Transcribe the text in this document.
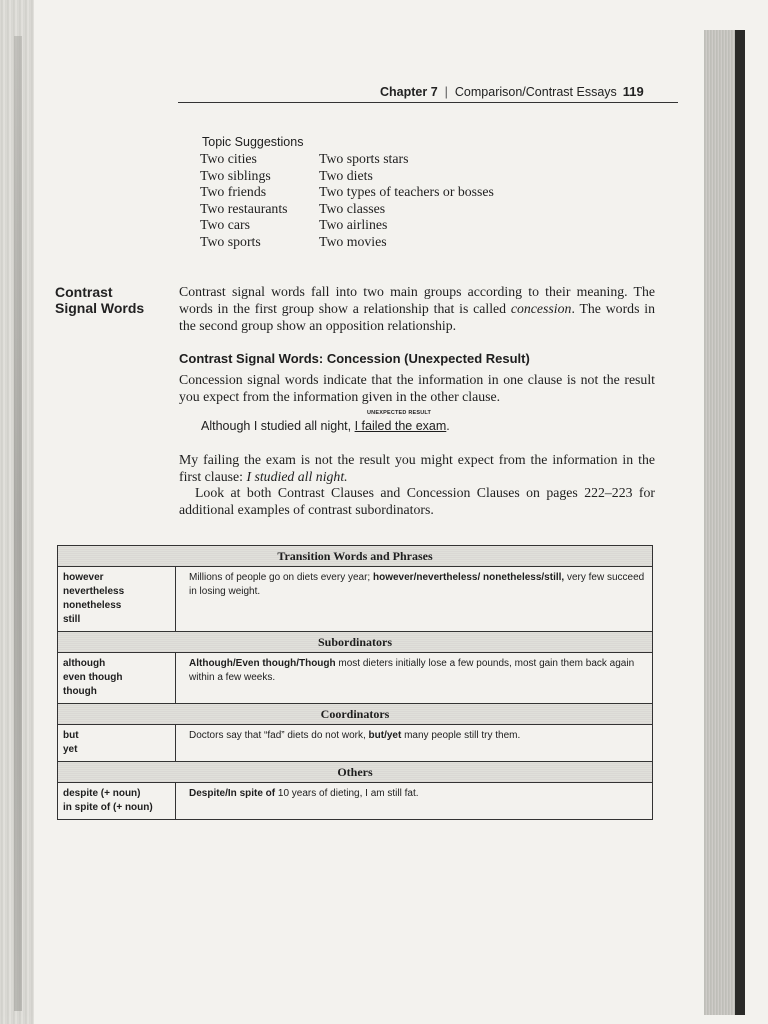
Chapter 7 | Comparison/Contrast Essays 119
Topic Suggestions
Two cities	Two sports stars
Two siblings	Two diets
Two friends	Two types of teachers or bosses
Two restaurants	Two classes
Two cars	Two airlines
Two sports	Two movies
Contrast
Signal Words
Contrast signal words fall into two main groups according to their meaning. The words in the first group show a relationship that is called concession. The words in the second group show an opposition relationship.
Contrast Signal Words: Concession (Unexpected Result)
Concession signal words indicate that the information in one clause is not the result you expect from the information given in the other clause.
UNEXPECTED RESULT
Although I studied all night, I failed the exam.
My failing the exam is not the result you might expect from the information in the first clause: I studied all night.
Look at both Contrast Clauses and Concession Clauses on pages 222–223 for additional examples of contrast subordinators.
Transition Words and Phrases	

however
nevertheless
nonetheless
still	Millions of people go on diets every year; however/nevertheless/ nonetheless/still, very few succeed in losing weight.
Subordinators	

although
even though
though	Although/Even though/Though most dieters initially lose a few pounds, most gain them back again within a few weeks.
Coordinators	

but
yet	Doctors say that “fad” diets do not work, but/yet many people still try them.
Others	

despite (+ noun)
in spite of (+ noun)	Despite/In spite of 10 years of dieting, I am still fat.
